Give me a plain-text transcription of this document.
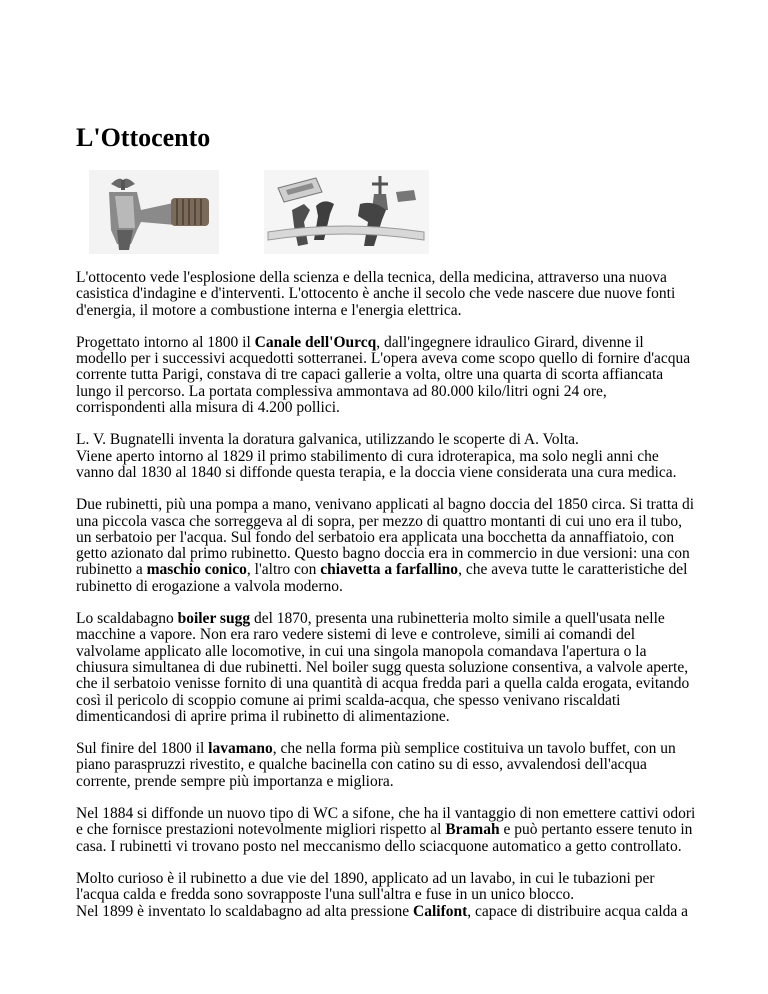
L'Ottocento

L'ottocento vede l'esplosione della scienza e della tecnica, della medicina, attraverso una nuova
casistica d'indagine e d'interventi. L'ottocento è anche il secolo che vede nascere due nuove fonti
d'energia, il motore a combustione interna e l'energia elettrica.

Progettato intorno al 1800 il Canale dell'Ourcq, dall'ingegnere idraulico Girard, divenne il
modello per i successivi acquedotti sotterranei. L'opera aveva come scopo quello di fornire d'acqua
corrente tutta Parigi, constava di tre capaci gallerie a volta, oltre una quarta di scorta affiancata
lungo il percorso. La portata complessiva ammontava ad 80.000 kilo/litri ogni 24 ore,
corrispondenti alla misura di 4.200 pollici.

L. V. Bugnatelli inventa la doratura galvanica, utilizzando le scoperte di A. Volta.
Viene aperto intorno al 1829 il primo stabilimento di cura idroterapica, ma solo negli anni che
vanno dal 1830 al 1840 si diffonde questa terapia, e la doccia viene considerata una cura medica.

Due rubinetti, più una pompa a mano, venivano applicati al bagno doccia del 1850 circa. Si tratta di
una piccola vasca che sorreggeva al di sopra, per mezzo di quattro montanti di cui uno era il tubo,
un serbatoio per l'acqua. Sul fondo del serbatoio era applicata una bocchetta da annaffiatoio, con
getto azionato dal primo rubinetto. Questo bagno doccia era in commercio in due versioni: una con
rubinetto a maschio conico, l'altro con chiavetta a farfallino, che aveva tutte le caratteristiche del
rubinetto di erogazione a valvola moderno.

Lo scaldabagno boiler sugg del 1870, presenta una rubinetteria molto simile a quell'usata nelle
macchine a vapore. Non era raro vedere sistemi di leve e controleve, simili ai comandi del
valvolame applicato alle locomotive, in cui una singola manopola comandava l'apertura o la
chiusura simultanea di due rubinetti. Nel boiler sugg questa soluzione consentiva, a valvole aperte,
che il serbatoio venisse fornito di una quantità di acqua fredda pari a quella calda erogata, evitando
così il pericolo di scoppio comune ai primi scalda-acqua, che spesso venivano riscaldati
dimenticandosi di aprire prima il rubinetto di alimentazione.

Sul finire del 1800 il lavamano, che nella forma più semplice costituiva un tavolo buffet, con un
piano paraspruzzi rivestito, e qualche bacinella con catino su di esso, avvalendosi dell'acqua
corrente, prende sempre più importanza e migliora.

Nel 1884 si diffonde un nuovo tipo di WC a sifone, che ha il vantaggio di non emettere cattivi odori
e che fornisce prestazioni notevolmente migliori rispetto al Bramah e può pertanto essere tenuto in
casa. I rubinetti vi trovano posto nel meccanismo dello sciacquone automatico a getto controllato.

Molto curioso è il rubinetto a due vie del 1890, applicato ad un lavabo, in cui le tubazioni per
l'acqua calda e fredda sono sovrapposte l'una sull'altra e fuse in un unico blocco.
Nel 1899 è inventato lo scaldabagno ad alta pressione Califont, capace di distribuire acqua calda a
